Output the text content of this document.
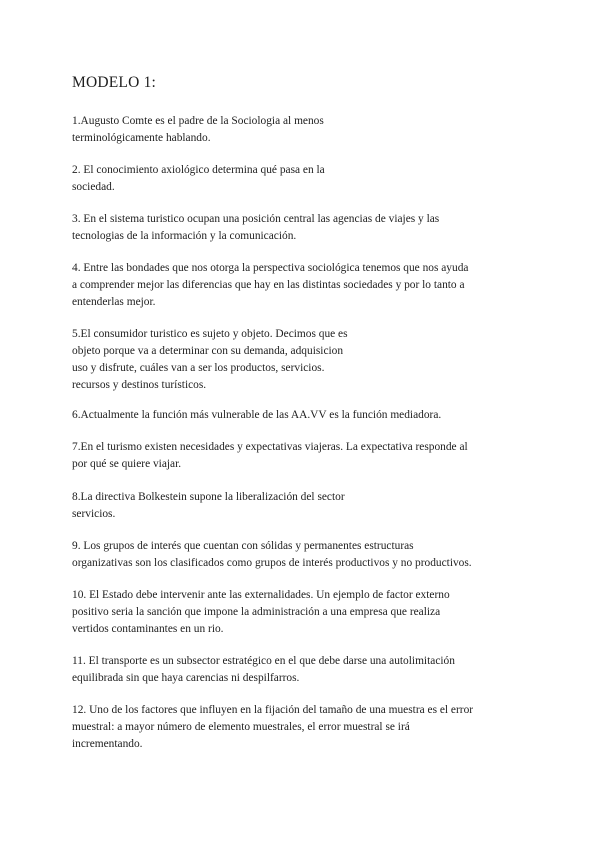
MODELO 1:
1.Augusto Comte es el padre de la Sociologia al menos
terminológicamente hablando.
2. El conocimiento axiológico determina qué pasa en la
sociedad.
3. En el sistema turistico ocupan una posición central las agencias de viajes y las
tecnologias de la información y la comunicación.
4. Entre las bondades que nos otorga la perspectiva sociológica tenemos que nos ayuda
a comprender mejor las diferencias que hay en las distintas sociedades y por lo tanto a
entenderlas mejor.
5.El consumidor turistico es sujeto y objeto. Decimos que es
objeto porque va a determinar con su demanda, adquisicion
uso y disfrute, cuáles van a ser los productos, servicios.
recursos y destinos turísticos.
6.Actualmente la función más vulnerable de las AA.VV es la función mediadora.
7.En el turismo existen necesidades y expectativas viajeras. La expectativa responde al
por qué se quiere viajar.
8.La directiva Bolkestein supone la liberalización del sector
servicios.
9. Los grupos de interés que cuentan con sólidas y permanentes estructuras
organizativas son los clasificados como grupos de interés productivos y no productivos.
10. El Estado debe intervenir ante las externalidades. Un ejemplo de factor externo
positivo seria la sanción que impone la administración a una empresa que realiza
vertidos contaminantes en un rio.
11. El transporte es un subsector estratégico en el que debe darse una autolimitación
equilibrada sin que haya carencias ni despilfarros.
12. Uno de los factores que influyen en la fijación del tamaño de una muestra es el error
muestral: a mayor número de elemento muestrales, el error muestral se irá
incrementando.
